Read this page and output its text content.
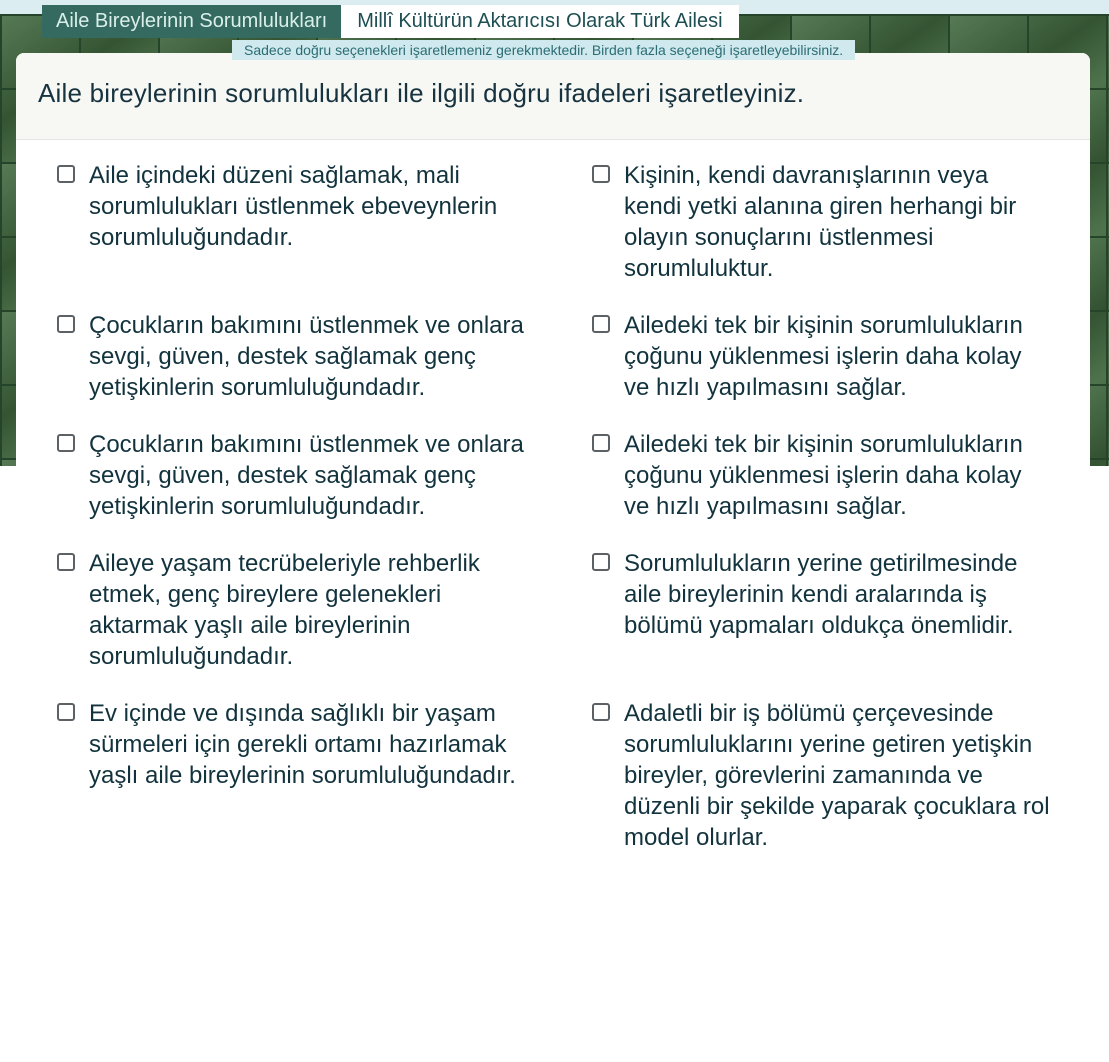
Aile Bireylerinin Sorumlulukları	Millî Kültürün Aktarıcısı Olarak Türk Ailesi
Sadece doğru seçenekleri işaretlemeniz gerekmektedir. Birden fazla seçeneği işaretleyebilirsiniz.
Aile bireylerinin sorumlulukları ile ilgili doğru ifadeleri işaretleyiniz.
Aile içindeki düzeni sağlamak, mali sorumlulukları üstlenmek ebeveynlerin sorumluluğundadır.
Kişinin, kendi davranışlarının veya kendi yetki alanına giren herhangi bir olayın sonuçlarını üstlenmesi sorumluluktur.
Çocukların bakımını üstlenmek ve onlara sevgi, güven, destek sağlamak genç yetişkinlerin sorumluluğundadır.
Ailedeki tek bir kişinin sorumlulukların çoğunu yüklenmesi işlerin daha kolay ve hızlı yapılmasını sağlar.
Çocukların bakımını üstlenmek ve onlara sevgi, güven, destek sağlamak genç yetişkinlerin sorumluluğundadır.
Ailedeki tek bir kişinin sorumlulukların çoğunu yüklenmesi işlerin daha kolay ve hızlı yapılmasını sağlar.
Aileye yaşam tecrübeleriyle rehberlik etmek, genç bireylere gelenekleri aktarmak yaşlı aile bireylerinin sorumluluğundadır.
Sorumlulukların yerine getirilmesinde aile bireylerinin kendi aralarında iş bölümü yapmaları oldukça önemlidir.
Ev içinde ve dışında sağlıklı bir yaşam sürmeleri için gerekli ortamı hazırlamak yaşlı aile bireylerinin sorumluluğundadır.
Adaletli bir iş bölümü çerçevesinde sorumluluklarını yerine getiren yetişkin bireyler, görevlerini zamanında ve düzenli bir şekilde yaparak çocuklara rol model olurlar.
